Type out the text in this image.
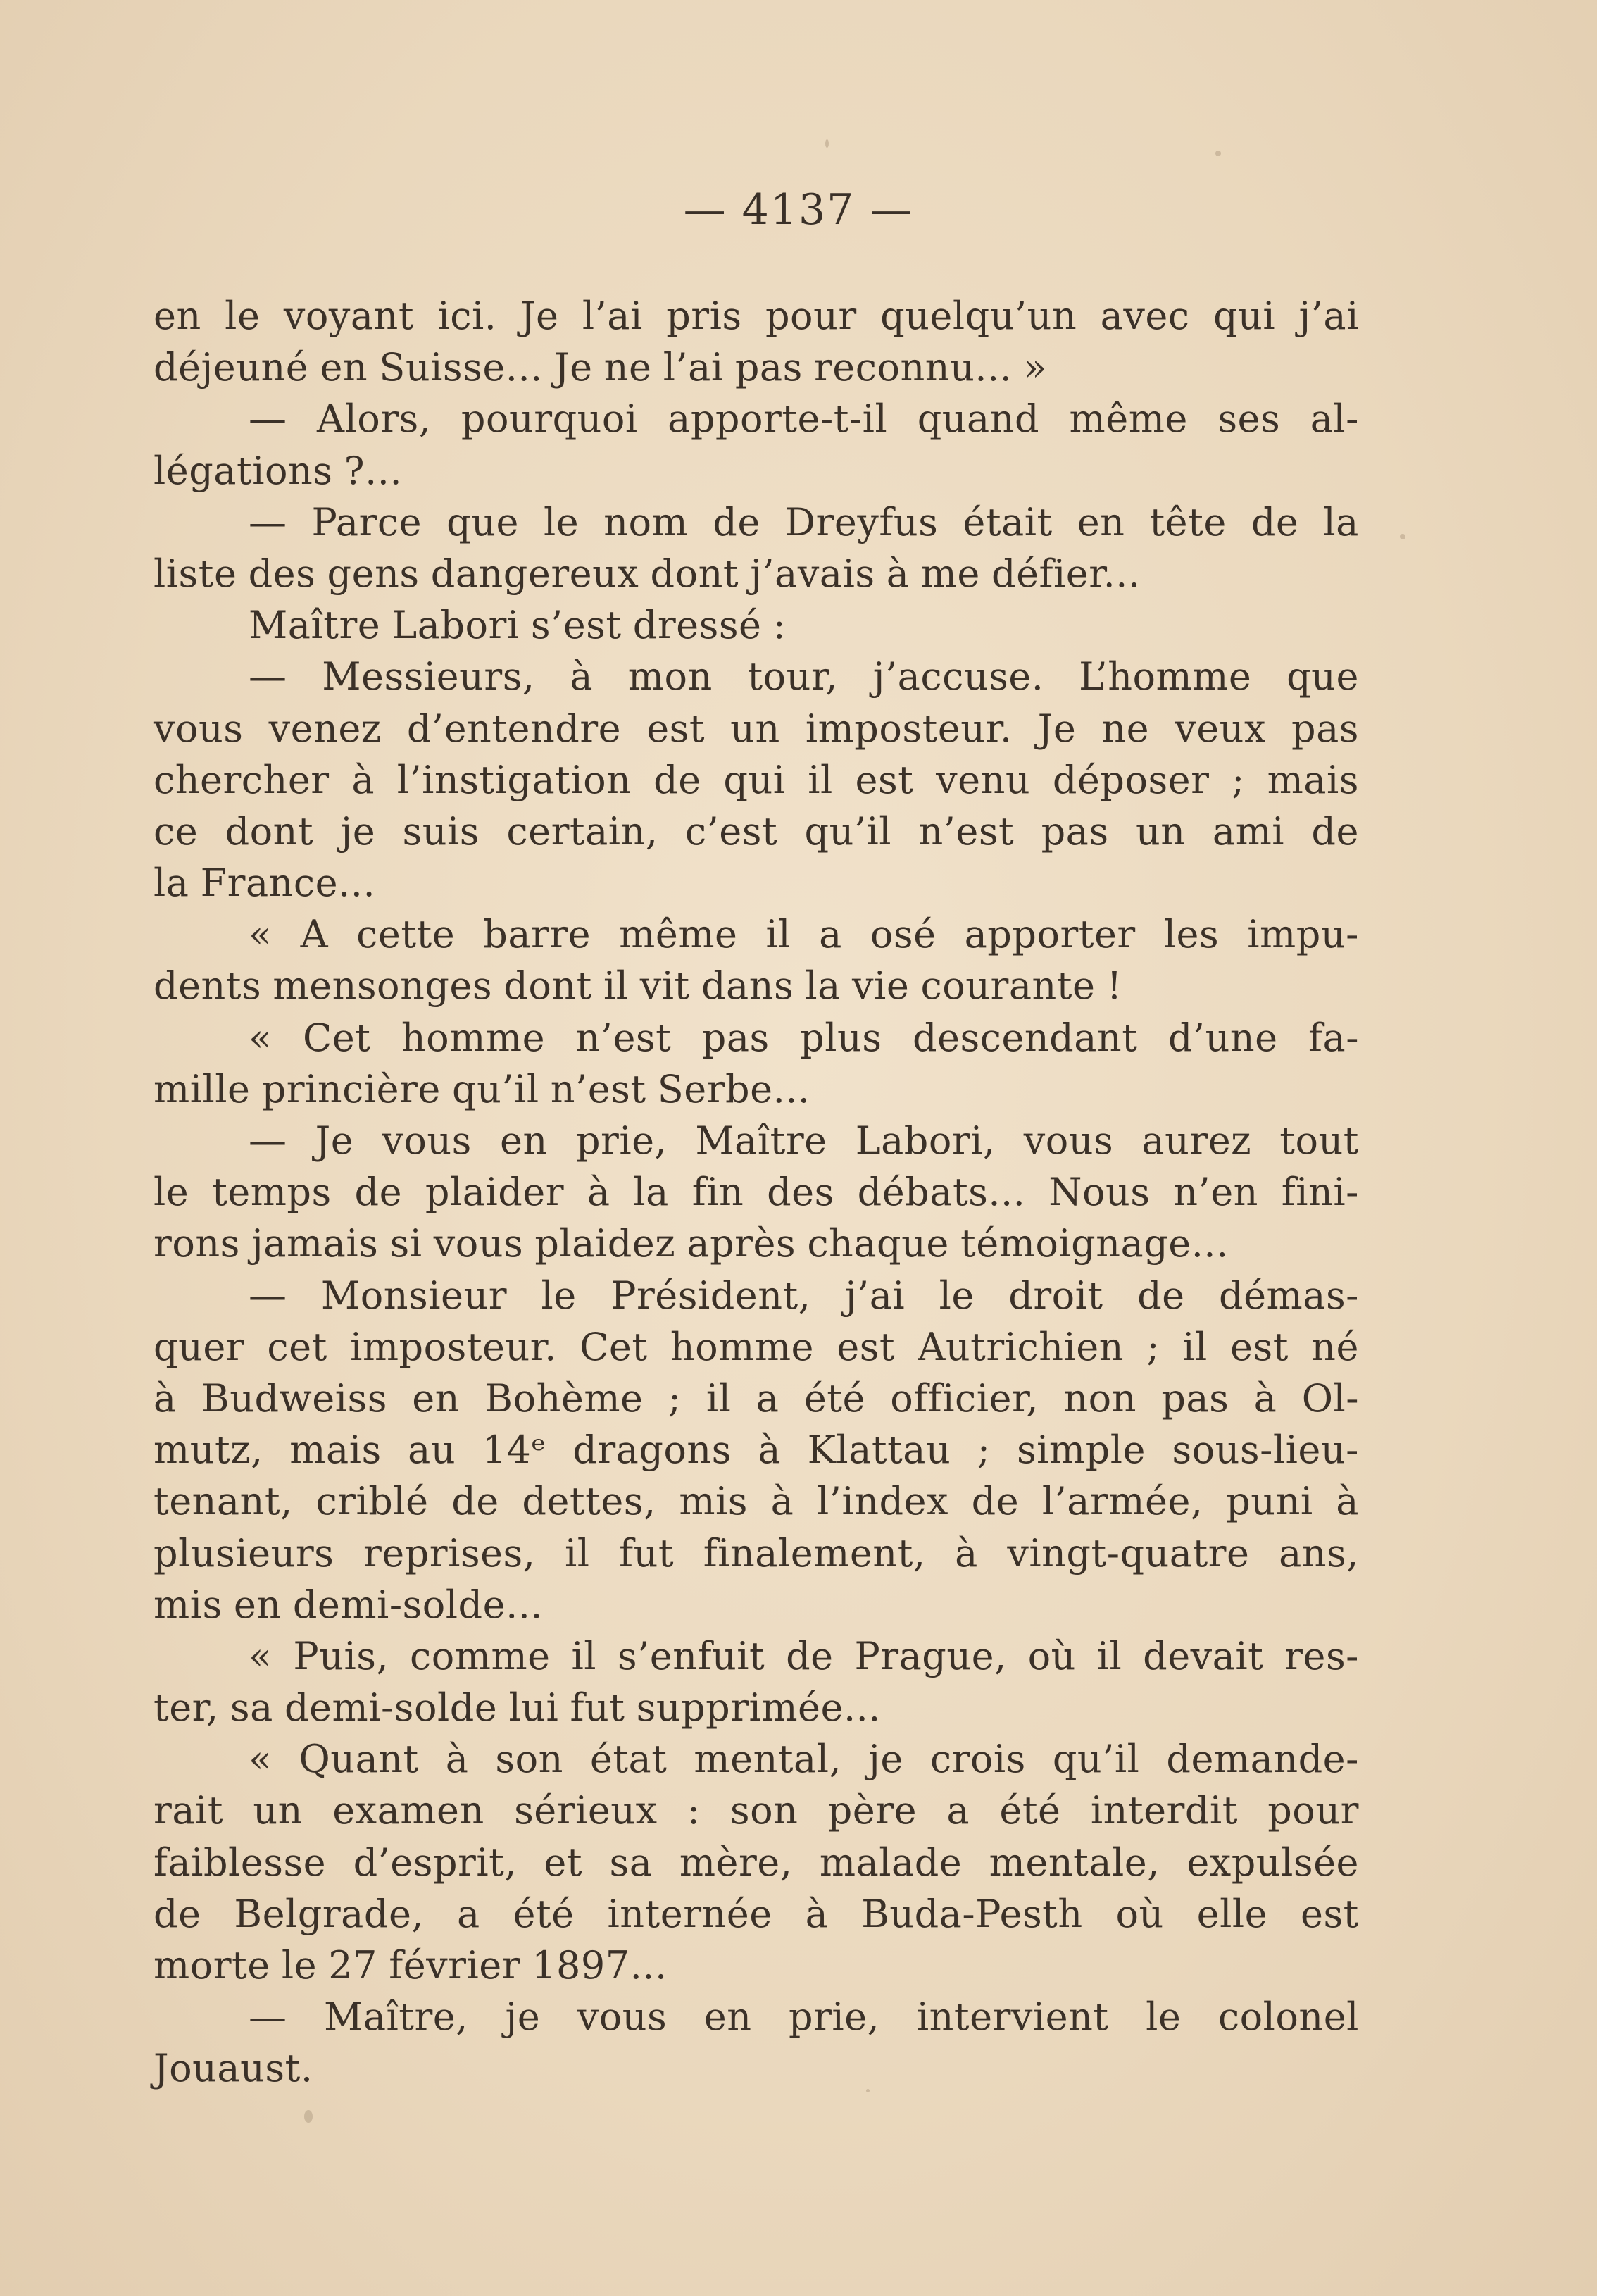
— 4137 —
en le voyant ici. Je l’ai pris pour quelqu’un avec qui j’ai
déjeuné en Suisse... Je ne l’ai pas reconnu... »
— Alors, pourquoi apporte-t-il quand même ses al-
légations ?...
— Parce que le nom de Dreyfus était en tête de la
liste des gens dangereux dont j’avais à me défier...
Maître Labori s’est dressé :
— Messieurs, à mon tour, j’accuse. L’homme que
vous venez d’entendre est un imposteur. Je ne veux pas
chercher à l’instigation de qui il est venu déposer ; mais
ce dont je suis certain, c’est qu’il n’est pas un ami de
la France...
« A cette barre même il a osé apporter les impu-
dents mensonges dont il vit dans la vie courante !
« Cet homme n’est pas plus descendant d’une fa-
mille princière qu’il n’est Serbe...
— Je vous en prie, Maître Labori, vous aurez tout
le temps de plaider à la fin des débats... Nous n’en fini-
rons jamais si vous plaidez après chaque témoignage...
— Monsieur le Président, j’ai le droit de démas-
quer cet imposteur. Cet homme est Autrichien ; il est né
à Budweiss en Bohème ; il a été officier, non pas à Ol-
mutz, mais au 14ᵉ dragons à Klattau ; simple sous-lieu-
tenant, criblé de dettes, mis à l’index de l’armée, puni à
plusieurs reprises, il fut finalement, à vingt-quatre ans,
mis en demi-solde...
« Puis, comme il s’enfuit de Prague, où il devait res-
ter, sa demi-solde lui fut supprimée...
« Quant à son état mental, je crois qu’il demande-
rait un examen sérieux : son père a été interdit pour
faiblesse d’esprit, et sa mère, malade mentale, expulsée
de Belgrade, a été internée à Buda-Pesth où elle est
morte le 27 février 1897...
— Maître, je vous en prie, intervient le colonel
Jouaust.
